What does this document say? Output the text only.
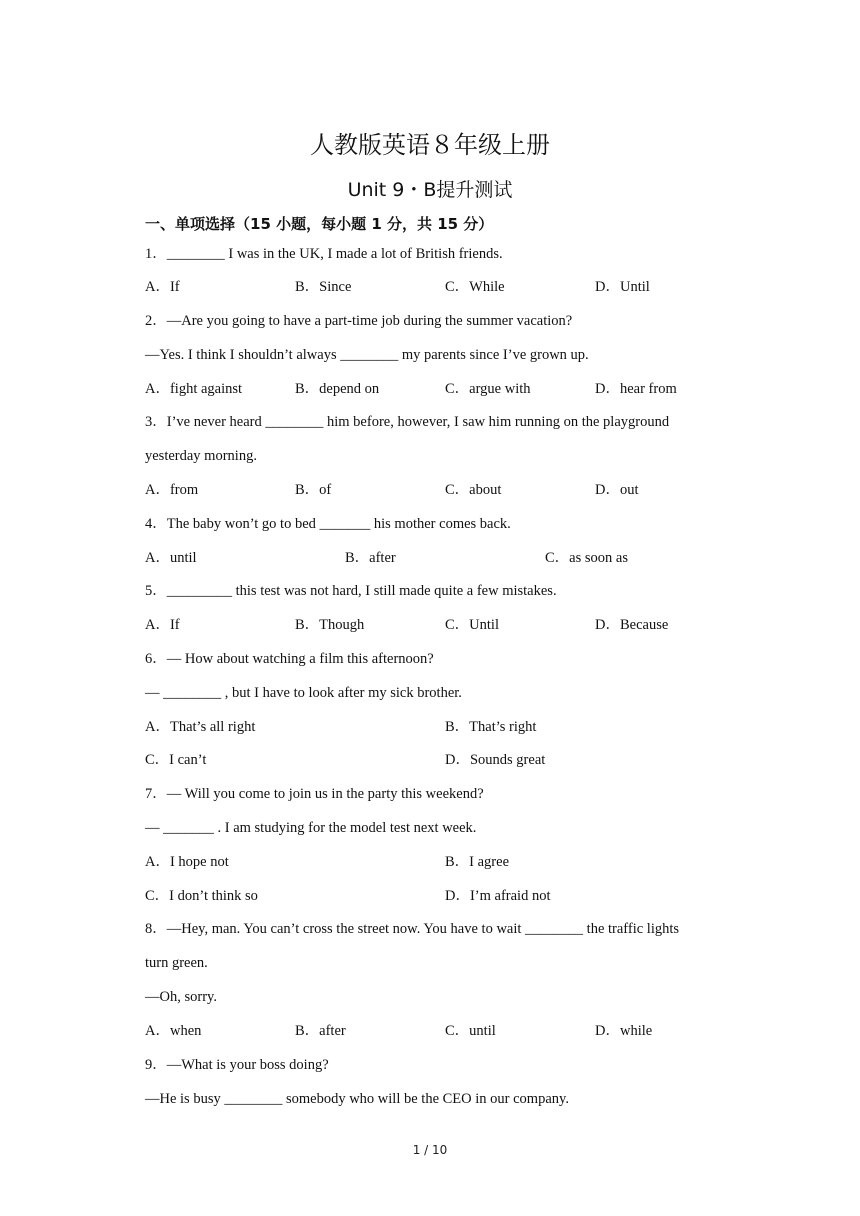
人教版英语８年级上册
Unit 9・B提升测试
一、单项选择（15 小题，每小题 1 分，共 15 分）
1．________ I was in the UK, I made a lot of British friends.
A．If	B．Since	C．While	D．Until
2．—Are you going to have a part-time job during the summer vacation?
—Yes. I think I shouldn’t always ________ my parents since I’ve grown up.
A．fight against	B．depend on	C．argue with	D．hear from
3．I’ve never heard ________ him before, however, I saw him running on the playground
yesterday morning.
A．from	B．of	C．about	D．out
4．The baby won’t go to bed _______ his mother comes back.
A．until	B．after	C．as soon as
5．_________ this test was not hard, I still made quite a few mistakes.
A．If	B．Though	C．Until	D．Because
6．— How about watching a film this afternoon?
— ________ , but I have to look after my sick brother.
A．That’s all right	B．That’s right
C．I can’t	D．Sounds great
7．— Will you come to join us in the party this weekend?
— _______ . I am studying for the model test next week.
A．I hope not	B．I agree
C．I don’t think so	D．I’m afraid not
8．—Hey, man. You can’t cross the street now. You have to wait ________ the traffic lights
turn green.
—Oh, sorry.
A．when	B．after	C．until	D．while
9．—What is your boss doing?
—He is busy ________ somebody who will be the CEO in our company.
1 / 10
